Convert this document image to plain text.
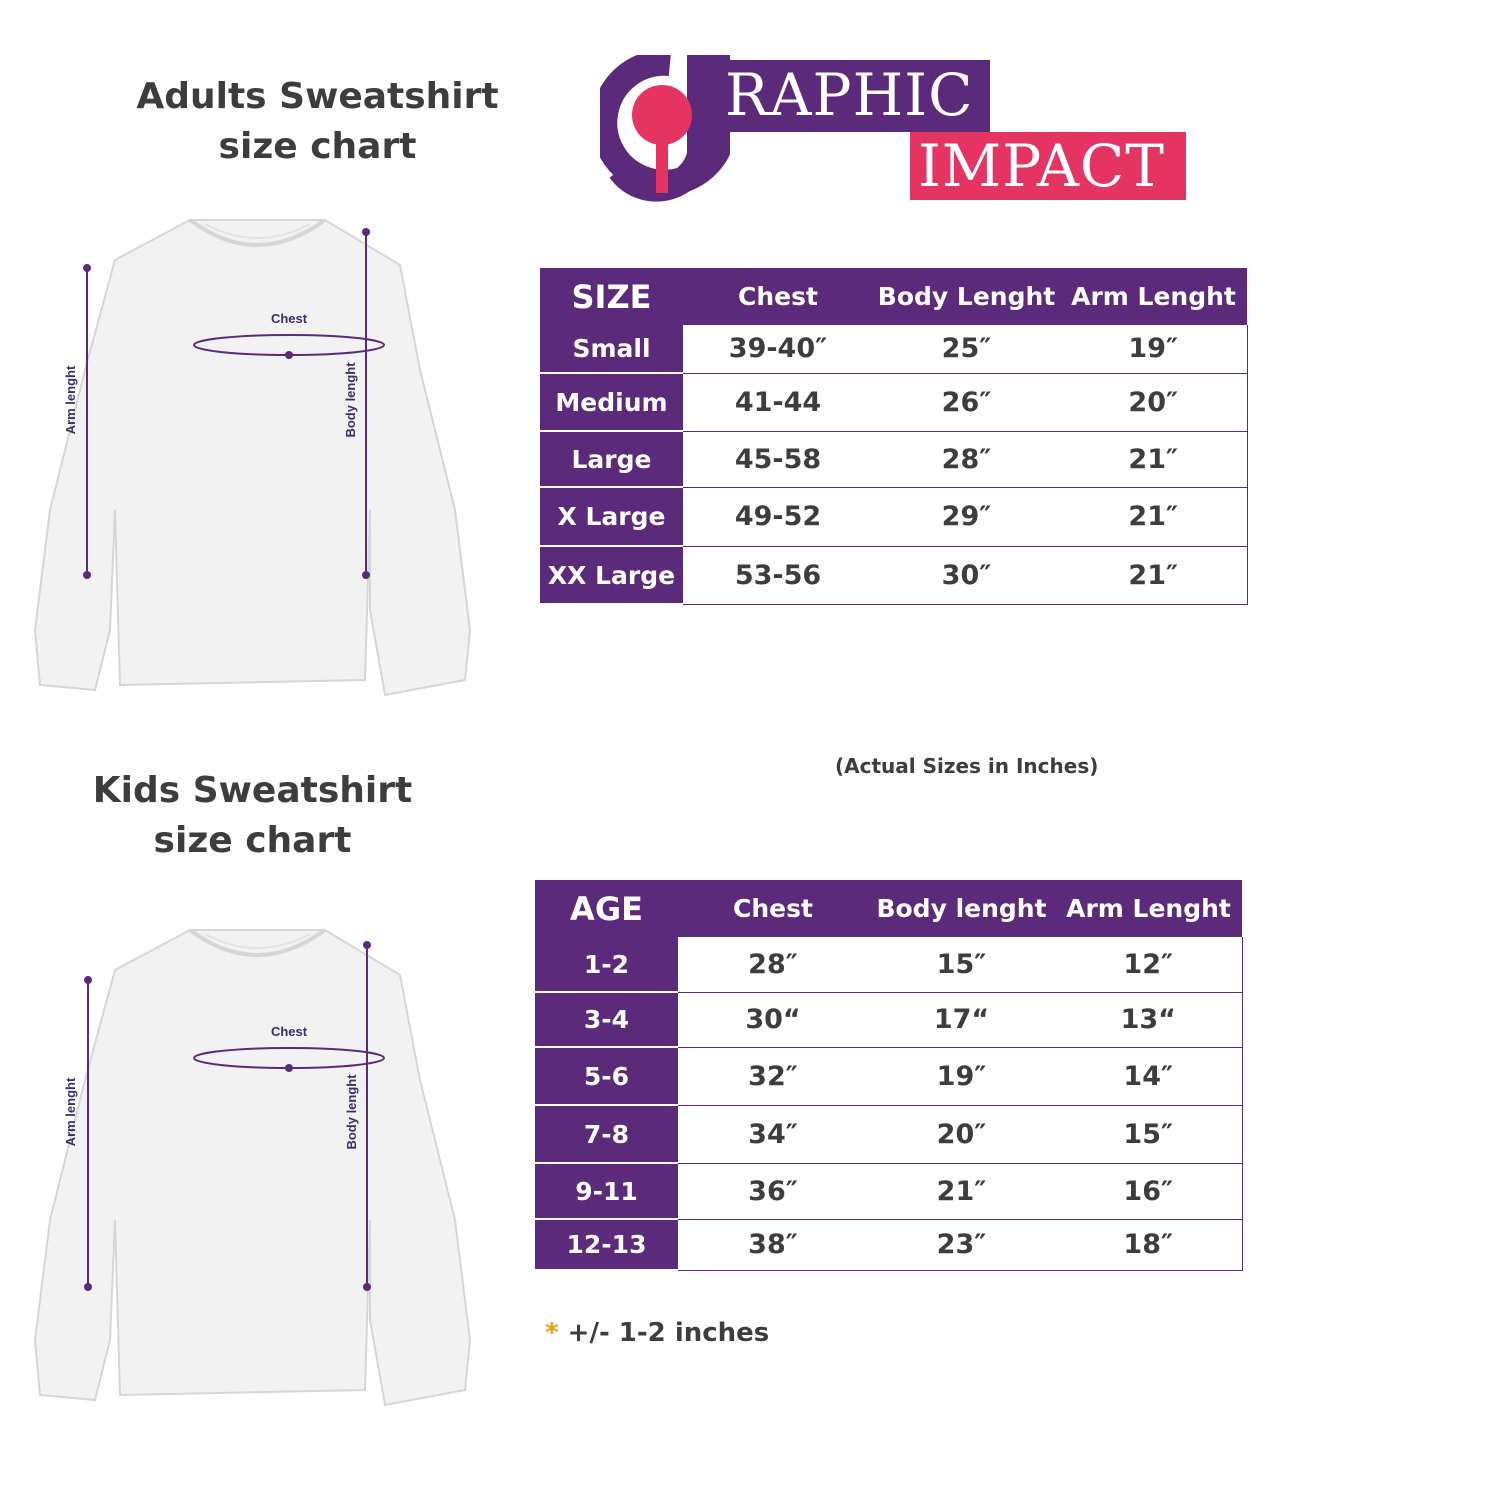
Adults Sweatshirt
size chart
RAPHIC
IMPACT
Chest
Arm lenght	Body lenght
SIZE	Chest	Body Lenght	Arm Lenght
Small	39-40″	25″	19″
Medium	41-44	26″	20″
Large	45-58	28″	21″
X Large	49-52	29″	21″
XX Large	53-56	30″	21″
(Actual Sizes in Inches)
Kids Sweatshirt
size chart
Chest
Arm lenght	Body lenght
AGE	Chest	Body lenght	Arm Lenght
1-2	28″	15″	12″
3-4	30“	17“	13“
5-6	32″	19″	14″
7-8	34″	20″	15″
9-11	36″	21″	16″
12-13	38″	23″	18″
* +/- 1-2 inches
